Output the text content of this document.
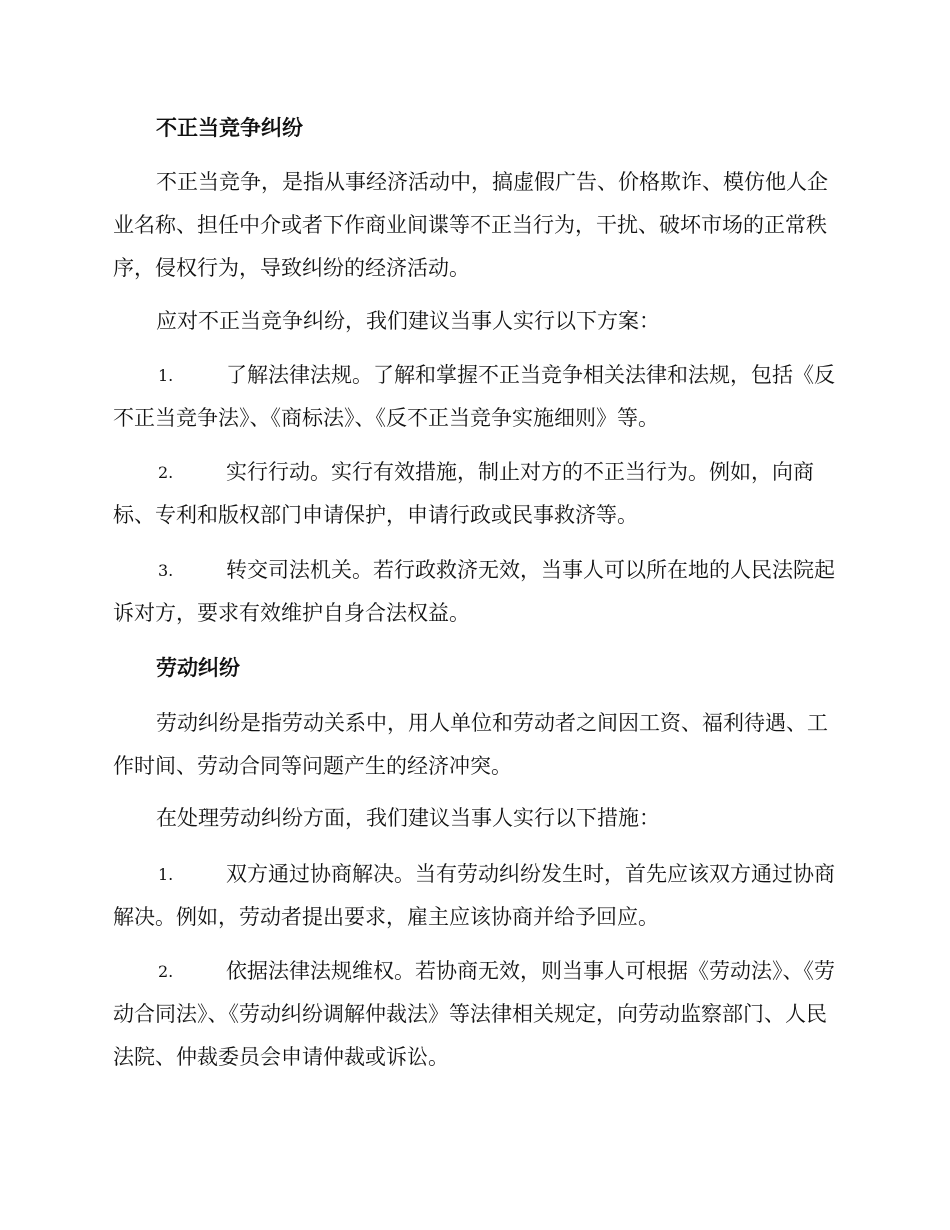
不正当竞争纠纷
不正当竞争，是指从事经济活动中，搞虚假广告、价格欺诈、模仿他人企业名称、担任中介或者下作商业间谍等不正当行为，干扰、破坏市场的正常秩序，侵权行为，导致纠纷的经济活动。
应对不正当竞争纠纷，我们建议当事人实行以下方案：
1.	了解法律法规。了解和掌握不正当竞争相关法律和法规，包括《反不正当竞争法》、《商标法》、《反不正当竞争实施细则》等。
2.	实行行动。实行有效措施，制止对方的不正当行为。例如，向商标、专利和版权部门申请保护，申请行政或民事救济等。
3.	转交司法机关。若行政救济无效，当事人可以所在地的人民法院起诉对方，要求有效维护自身合法权益。
劳动纠纷
劳动纠纷是指劳动关系中，用人单位和劳动者之间因工资、福利待遇、工作时间、劳动合同等问题产生的经济冲突。
在处理劳动纠纷方面，我们建议当事人实行以下措施：
1.	双方通过协商解决。当有劳动纠纷发生时，首先应该双方通过协商解决。例如，劳动者提出要求，雇主应该协商并给予回应。
2.	依据法律法规维权。若协商无效，则当事人可根据《劳动法》、《劳动合同法》、《劳动纠纷调解仲裁法》等法律相关规定，向劳动监察部门、人民法院、仲裁委员会申请仲裁或诉讼。
